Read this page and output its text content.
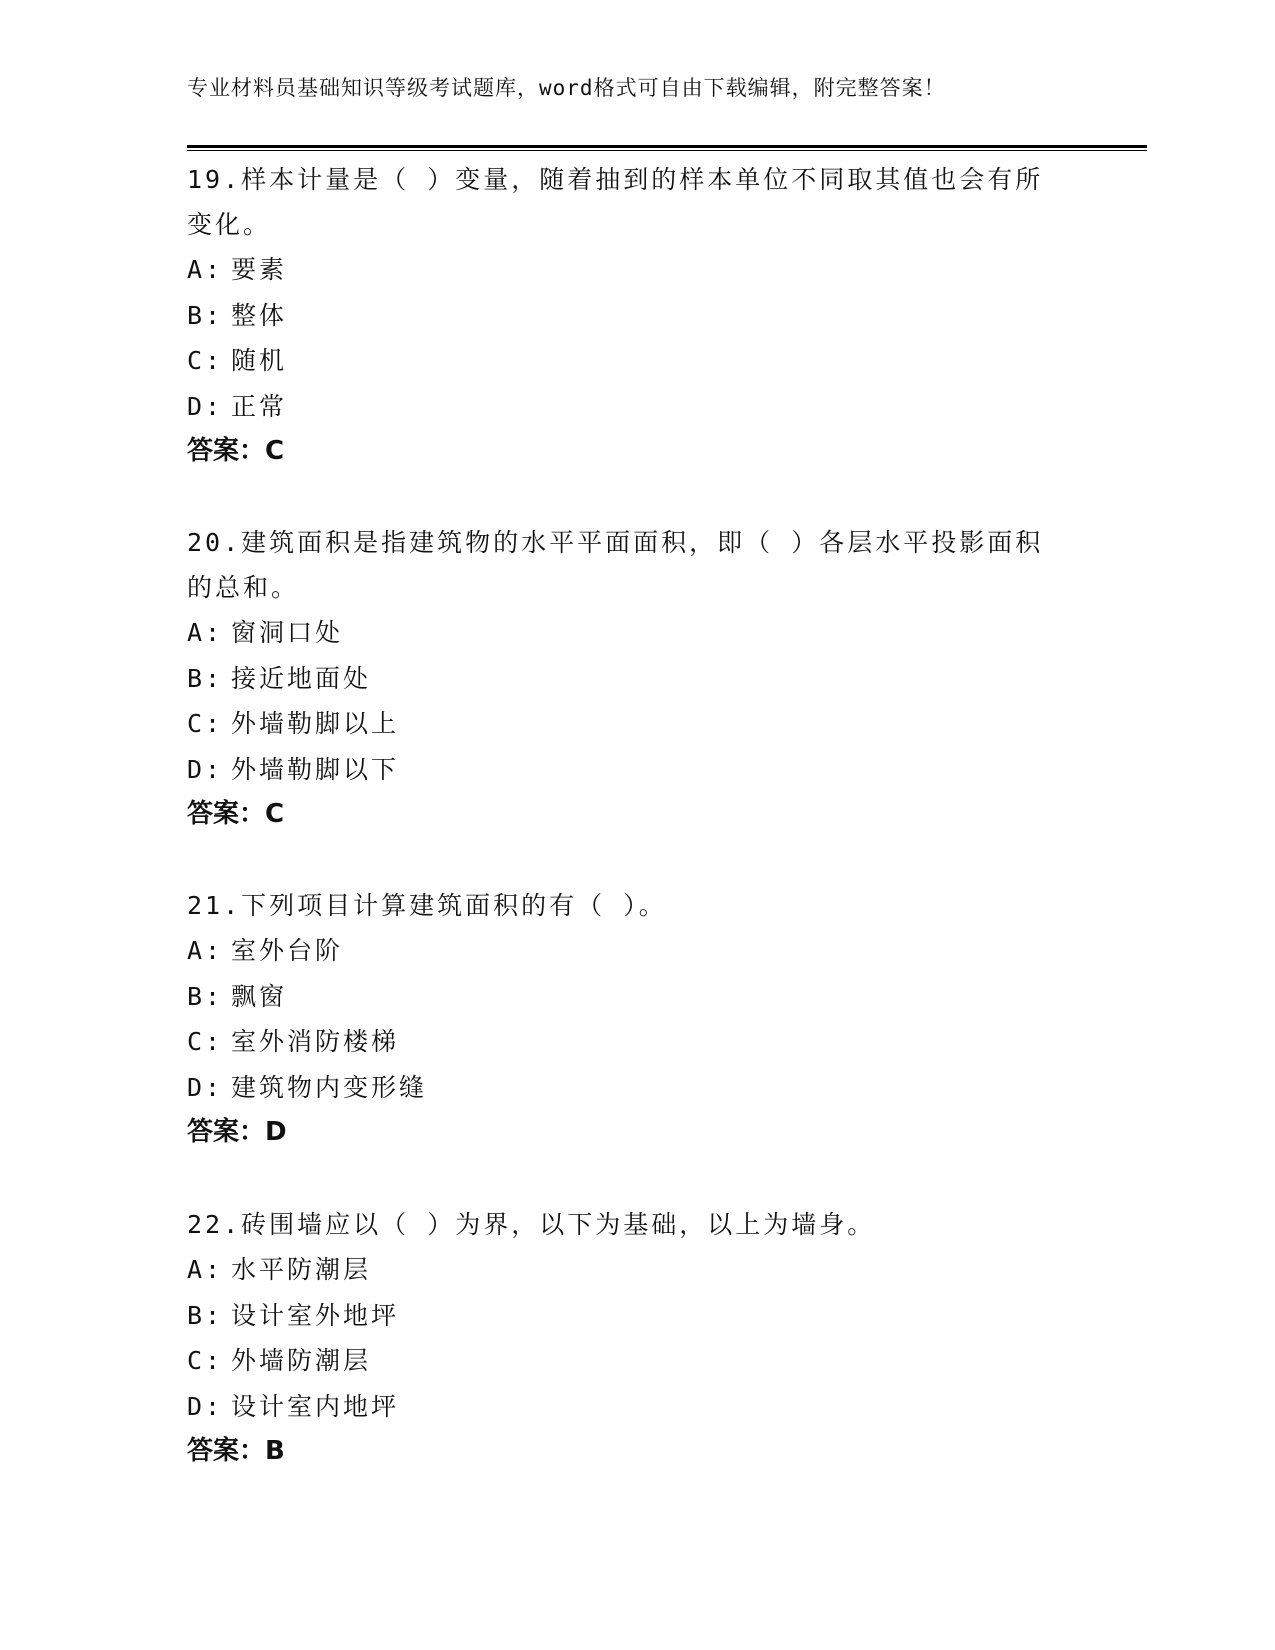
专业材料员基础知识等级考试题库，word格式可自由下载编辑，附完整答案！

19.样本计量是（ ）变量，随着抽到的样本单位不同取其值也会有所变化。

A: 要素
B: 整体
C: 随机
D: 正常
答案：C

20.建筑面积是指建筑物的水平平面面积，即（ ）各层水平投影面积的总和。

A: 窗洞口处
B: 接近地面处
C: 外墙勒脚以上
D: 外墙勒脚以下
答案：C

21.下列项目计算建筑面积的有（ ）。

A: 室外台阶
B: 飘窗
C: 室外消防楼梯
D: 建筑物内变形缝
答案：D

22.砖围墙应以（ ）为界，以下为基础，以上为墙身。

A: 水平防潮层
B: 设计室外地坪
C: 外墙防潮层
D: 设计室内地坪
答案：B
